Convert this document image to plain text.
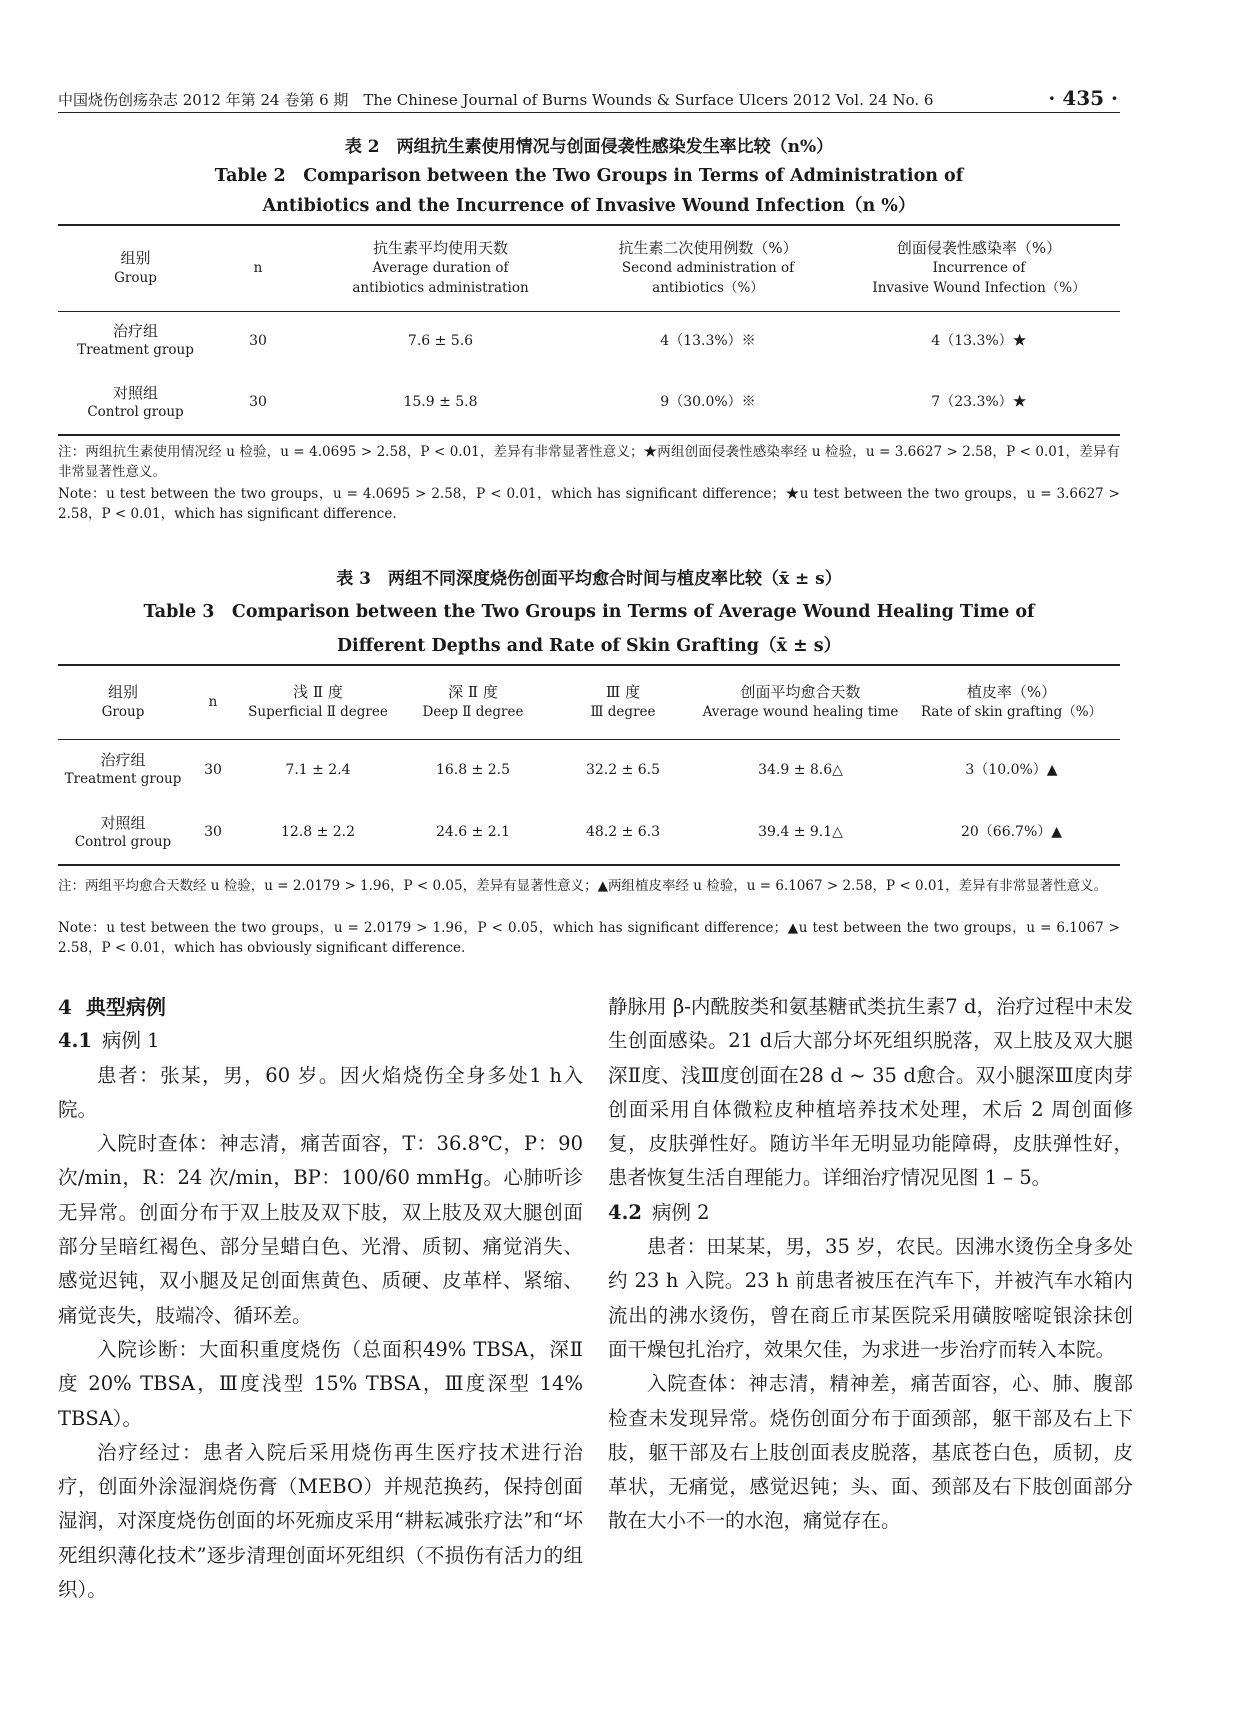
中国烧伤创疡杂志 2012 年第 24 卷第 6 期　The Chinese Journal of Burns Wounds & Surface Ulcers 2012 Vol. 24 No. 6	· 435 ·
表 2　两组抗生素使用情况与创面侵袭性感染发生率比较（n%）
Table 2　Comparison between the Two Groups in Terms of Administration of
Antibiotics and the Incurrence of Invasive Wound Infection（n %）
组别
Group	n	抗生素平均使用天数
Average duration of
antibiotics administration	抗生素二次使用例数（%）
Second administration of
antibiotics（%）	创面侵袭性感染率（%）
Incurrence of
Invasive Wound Infection（%）

治疗组
Treatment group	30	7.6 ± 5.6	4（13.3%）※	4（13.3%）★

对照组
Control group	30	15.9 ± 5.8	9（30.0%）※	7（23.3%）★
注：两组抗生素使用情况经 u 检验，u = 4.0695 > 2.58，P < 0.01，差异有非常显著性意义；★两组创面侵袭性感染率经 u 检验，u = 3.6627 > 2.58，P < 0.01，差异有非常显著性意义。
Note：u test between the two groups，u = 4.0695 > 2.58，P < 0.01，which has significant difference；★u test between the two groups，u = 3.6627 > 2.58，P < 0.01，which has significant difference.
表 3　两组不同深度烧伤创面平均愈合时间与植皮率比较（x̄ ± s）
Table 3　Comparison between the Two Groups in Terms of Average Wound Healing Time of
Different Depths and Rate of Skin Grafting（x̄ ± s）
组别
Group	n	浅 Ⅱ 度
Superficial Ⅱ degree	深 Ⅱ 度
Deep Ⅱ degree	Ⅲ 度
Ⅲ degree	创面平均愈合天数
Average wound healing time	植皮率（%）
Rate of skin grafting（%）

治疗组
Treatment group	30	7.1 ± 2.4	16.8 ± 2.5	32.2 ± 6.5	34.9 ± 8.6△	3（10.0%）▲

对照组
Control group	30	12.8 ± 2.2	24.6 ± 2.1	48.2 ± 6.3	39.4 ± 9.1△	20（66.7%）▲
注：两组平均愈合天数经 u 检验，u = 2.0179 > 1.96，P < 0.05，差异有显著性意义；▲两组植皮率经 u 检验，u = 6.1067 > 2.58，P < 0.01，差异有非常显著性意义。
Note：u test between the two groups，u = 2.0179 > 1.96，P < 0.05，which has significant difference；▲u test between the two groups，u = 6.1067 > 2.58，P < 0.01，which has obviously significant difference.
4 典型病例
4.1 病例 1

患者：张某，男，60 岁。因火焰烧伤全身多处1 h入院。

入院时查体：神志清，痛苦面容，T：36.8℃，P：90 次/min，R：24 次/min，BP：100/60 mmHg。心肺听诊无异常。创面分布于双上肢及双下肢，双上肢及双大腿创面部分呈暗红褐色、部分呈蜡白色、光滑、质韧、痛觉消失、感觉迟钝，双小腿及足创面焦黄色、质硬、皮革样、紧缩、痛觉丧失，肢端冷、循环差。

入院诊断：大面积重度烧伤（总面积49% TBSA，深Ⅱ度 20% TBSA，Ⅲ度浅型 15% TBSA，Ⅲ度深型 14% TBSA）。

治疗经过：患者入院后采用烧伤再生医疗技术进行治疗，创面外涂湿润烧伤膏（MEBO）并规范换药，保持创面湿润，对深度烧伤创面的坏死痂皮采用“耕耘减张疗法”和“坏死组织薄化技术”逐步清理创面坏死组织（不损伤有活力的组织）。

静脉用 β-内酰胺类和氨基糖甙类抗生素7 d，治疗过程中未发生创面感染。21 d后大部分坏死组织脱落，双上肢及双大腿深Ⅱ度、浅Ⅲ度创面在28 d ~ 35 d愈合。双小腿深Ⅲ度肉芽创面采用自体微粒皮种植培养技术处理，术后 2 周创面修复，皮肤弹性好。随访半年无明显功能障碍，皮肤弹性好，患者恢复生活自理能力。详细治疗情况见图 1 – 5。

4.2 病例 2

患者：田某某，男，35 岁，农民。因沸水烫伤全身多处约 23 h 入院。23 h 前患者被压在汽车下，并被汽车水箱内流出的沸水烫伤，曾在商丘市某医院采用磺胺嘧啶银涂抹创面干燥包扎治疗，效果欠佳，为求进一步治疗而转入本院。

入院查体：神志清，精神差，痛苦面容，心、肺、腹部检查未发现异常。烧伤创面分布于面颈部，躯干部及右上下肢，躯干部及右上肢创面表皮脱落，基底苍白色，质韧，皮革状，无痛觉，感觉迟钝；头、面、颈部及右下肢创面部分散在大小不一的水泡，痛觉存在。
